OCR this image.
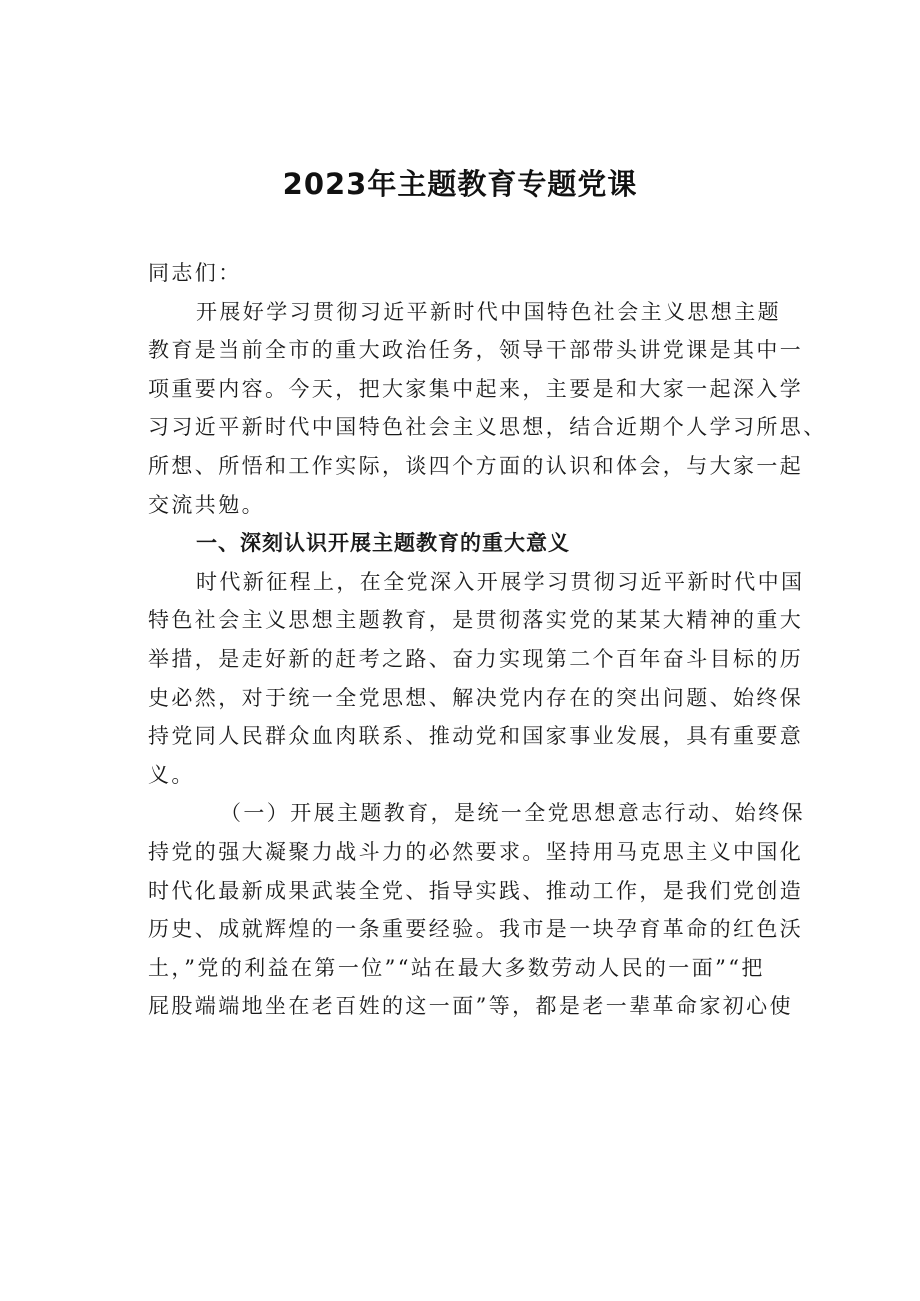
2023年主题教育专题党课
同志们：
开展好学习贯彻习近平新时代中国特色社会主义思想主题
教育是当前全市的重大政治任务，领导干部带头讲党课是其中一
项重要内容。今天，把大家集中起来，主要是和大家一起深入学
习习近平新时代中国特色社会主义思想，结合近期个人学习所思、
所想、所悟和工作实际，谈四个方面的认识和体会，与大家一起
交流共勉。
一、深刻认识开展主题教育的重大意义
时代新征程上，在全党深入开展学习贯彻习近平新时代中国
特色社会主义思想主题教育，是贯彻落实党的某某大精神的重大
举措，是走好新的赶考之路、奋力实现第二个百年奋斗目标的历
史必然，对于统一全党思想、解决党内存在的突出问题、始终保
持党同人民群众血肉联系、推动党和国家事业发展，具有重要意
义。
（一）开展主题教育，是统一全党思想意志行动、始终保
持党的强大凝聚力战斗力的必然要求。坚持用马克思主义中国化
时代化最新成果武装全党、指导实践、推动工作，是我们党创造
历史、成就辉煌的一条重要经验。我市是一块孕育革命的红色沃
土，”党的利益在第一位”“站在最大多数劳动人民的一面”“把
屁股端端地坐在老百姓的这一面”等，都是老一辈革命家初心使
